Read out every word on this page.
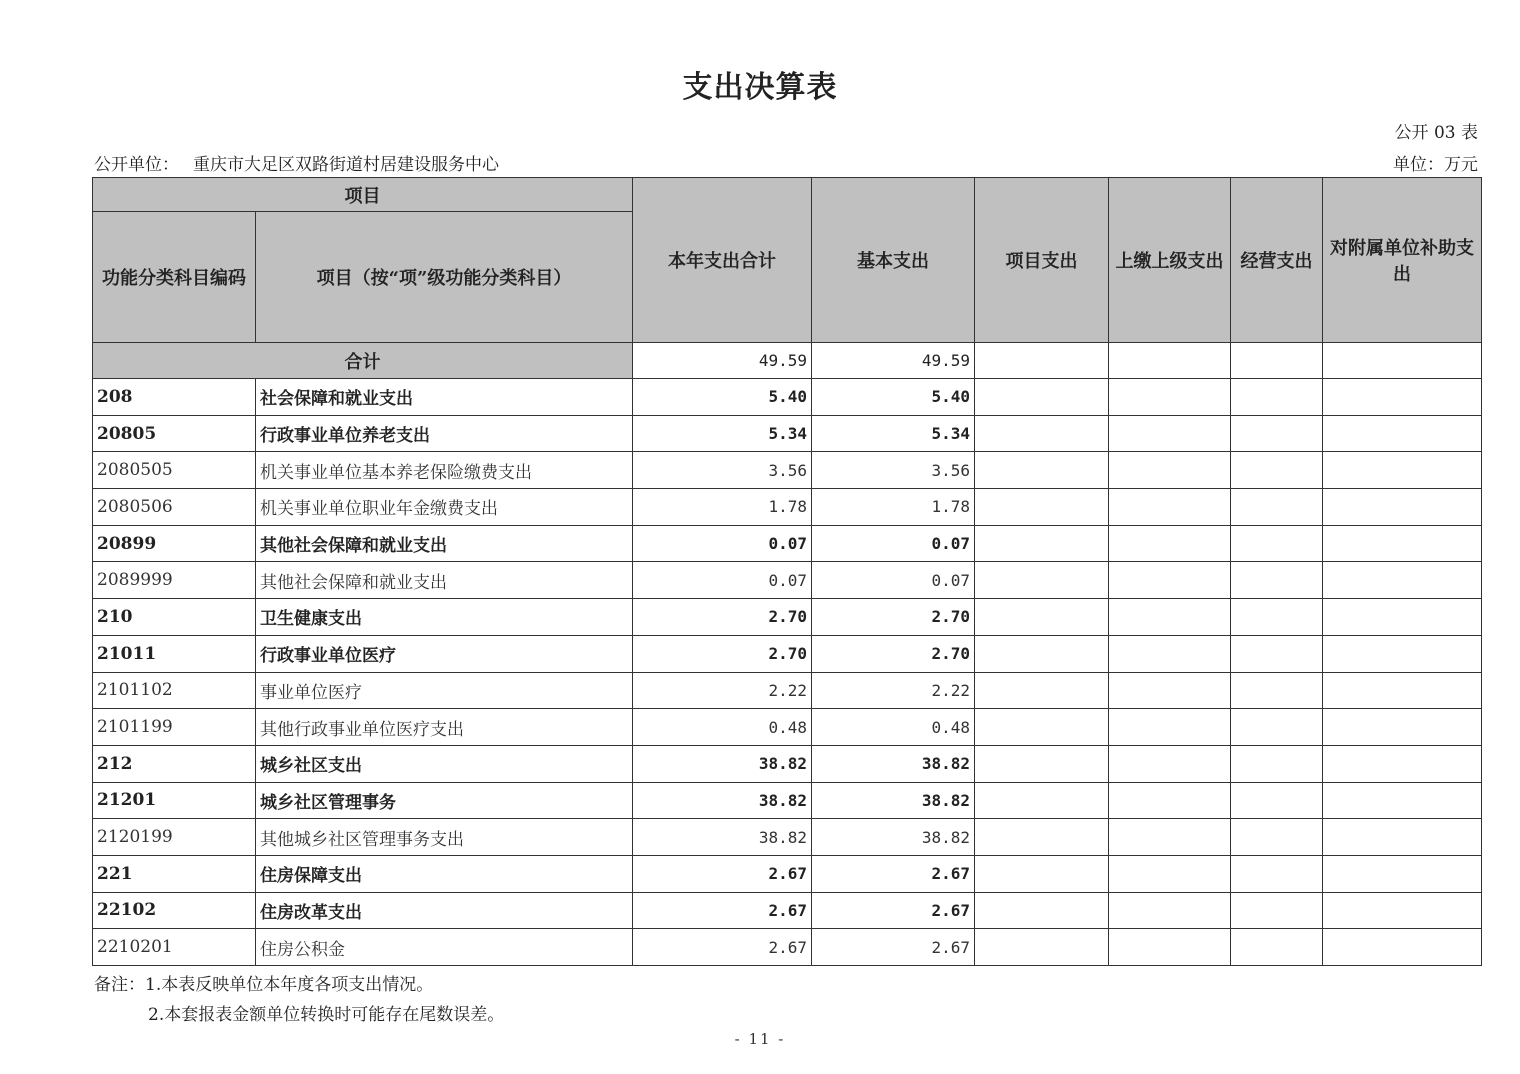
支出决算表
公开 03 表
公开单位： 重庆市大足区双路街道村居建设服务中心	单位：万元
项目		本年支出合计	基本支出	项目支出	上缴上级支出	经营支出	对附属单位补助支出
功能分类科目编码	项目（按“项”级功能分类科目）						
合计		49.59	49.59				
208	社会保障和就业支出	5.40	5.40				
20805	行政事业单位养老支出	5.34	5.34				
2080505	机关事业单位基本养老保险缴费支出	3.56	3.56				
2080506	机关事业单位职业年金缴费支出	1.78	1.78				
20899	其他社会保障和就业支出	0.07	0.07				
2089999	其他社会保障和就业支出	0.07	0.07				
210	卫生健康支出	2.70	2.70				
21011	行政事业单位医疗	2.70	2.70				
2101102	事业单位医疗	2.22	2.22				
2101199	其他行政事业单位医疗支出	0.48	0.48				
212	城乡社区支出	38.82	38.82				
21201	城乡社区管理事务	38.82	38.82				
2120199	其他城乡社区管理事务支出	38.82	38.82				
221	住房保障支出	2.67	2.67				
22102	住房改革支出	2.67	2.67				
2210201	住房公积金	2.67	2.67				
备注：1.本表反映单位本年度各项支出情况。
2.本套报表金额单位转换时可能存在尾数误差。
- 11 -
